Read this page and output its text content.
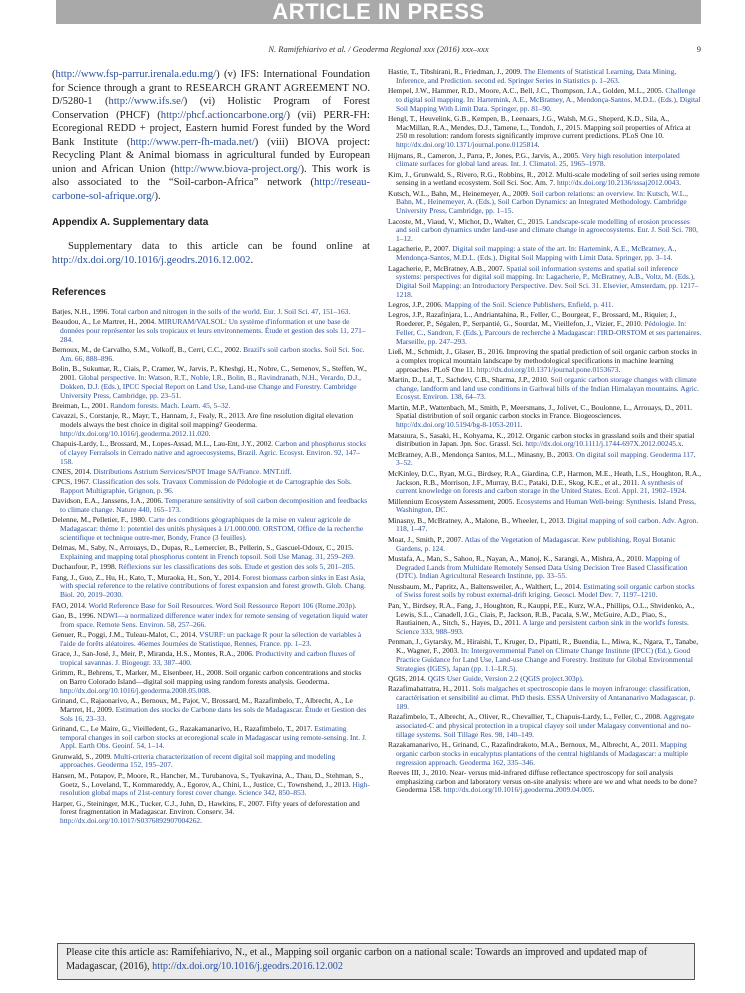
ARTICLE IN PRESS
N. Ramifehiarivo et al. / Geoderma Regional xxx (2016) xxx–xxx	9

(http://www.fsp-parrur.irenala.edu.mg/) (v) IFS: International Foundation for Science through a grant to RESEARCH GRANT AGREEMENT NO. D/5280-1 (http://www.ifs.se/) (vi) Holistic Program of Forest Conservation (PHCF) (http://phcf.actioncarbone.org/) (vii) PERR-FH: Ecoregional REDD + project, Eastern humid Forest funded by the Word Bank Institute (http://www.perr-fh-mada.net/) (viii) BIOVA project: Recycling Plant & Animal biomass in agricultural funded by European union and African Union (http://www.biova-project.org/). This work is also associated to the “Soil-carbon-Africa” network (http://reseau-carbone-sol-afrique.org/).

Appendix A. Supplementary data

Supplementary data to this article can be found online at http://dx.doi.org/10.1016/j.geodrs.2016.12.002.

References

Batjes, N.H., 1996. Total carbon and nitrogen in the soils of the world. Eur. J. Soil Sci. 47, 151–163.

Beaudou, A., Le Martret, H., 2004. MIRURAM/VALSOL: Un système d'information et une base de données pour représenter les sols tropicaux et leurs environnements. Étude et gestion des sols 11, 271–284.

Bernoux, M., de Carvalho, S.M., Volkoff, B., Cerri, C.C., 2002. Brazil's soil carbon stocks. Soil Sci. Soc. Am. 66, 888–896.

Bolin, B., Sukumar, R., Ciais, P., Cramer, W., Jarvis, P., Kheshgi, H., Nobre, C., Semenov, S., Steffen, W., 2001. Global perspective. In: Watson, R.T., Noble, I.R., Bolin, B., Ravindranath, N.H., Verardo, D.J., Dokken, D.J. (Eds.), IPCC Special Report on Land Use, Land-use Change and Forestry. Cambridge University Press, Cambridge, pp. 23–51.

Breiman, L., 2001. Random forests. Mach. Learn. 45, 5–32.

Cavazzi, S., Corstanje, R., Mayr, T., Hannam, J., Fealy, R., 2013. Are fine resolution digital elevation models always the best choice in digital soil mapping? Geoderma. http://dx.doi.org/10.1016/j.geoderma.2012.11.020.

Chapuis-Lardy, L., Brossard, M., Lopes-Assad, M.L., Lau-Ent, J.Y., 2002. Carbon and phosphorus stocks of clayey Ferralsols in Cerrado native and agroecosystems, Brazil. Agric. Ecosyst. Environ. 92, 147–158.

CNES, 2014. Distributions Astrium Services/SPOT Image SA/France. MNT.tiff.

CPCS, 1967. Classification des sols. Travaux Commission de Pédologie et de Cartographie des Sols. Rapport Multigraphie, Grignon, p. 96.

Davidson, E.A., Janssens, I.A., 2006. Temperature sensitivity of soil carbon decomposition and feedbacks to climate change. Nature 440, 165–173.

Delenne, M., Pelletier, F., 1980. Carte des conditions géographiques de la mise en valeur agricole de Madagascar: thème 1: potentiel des unités physiques à 1/1.000.000. ORSTOM, Office de la recherche scientifique et technique outre-mer, Bondy, France (3 feuilles).

Delmas, M., Saby, N., Arrouays, D., Dupas, R., Lemercier, B., Pellerin, S., Gascuel-Odoux, C., 2015. Explaining and mapping total phosphorus content in French topsoil. Soil Use Manag. 31, 259–269.

Duchaufour, P., 1998. Réflexions sur les classifications des sols. Etude et gestion des sols 5, 201–205.

Fang, J., Guo, Z., Hu, H., Kato, T., Muraoka, H., Son, Y., 2014. Forest biomass carbon sinks in East Asia, with special reference to the relative contributions of forest expansion and forest growth. Glob. Chang. Biol. 20, 2019–2030.

FAO, 2014. World Reference Base for Soil Resources. Word Soil Ressource Report 106 (Rome.203p).

Gao, B., 1996. NDWI—a normalized difference water index for remote sensing of vegetation liquid water from space. Remote Sens. Environ. 58, 257–266.

Genuer, R., Poggi, J.M., Tuleau-Malot, C., 2014. VSURF: un package R pour la sélection de variables à l'aide de forêts aléatoires. 46emes Journées de Statistique, Rennes, France. pp. 1–23.

Grace, J., San-José, J., Meir, P., Miranda, H.S., Montes, R.A., 2006. Productivity and carbon fluxes of tropical savannas. J. Biogeogr. 33, 387–400.

Grimm, R., Behrens, T., Marker, M., Elsenbeer, H., 2008. Soil organic carbon concentrations and stocks on Barro Colorado Island—digital soil mapping using random forests analysis. Geoderma. http://dx.doi.org/10.1016/j.geoderma.2008.05.008.

Grinand, C., Rajaonarivo, A., Bernoux, M., Pajot, V., Brossard, M., Razafimbelo, T., Albrecht, A., Le Martret, H., 2009. Estimation des stocks de Carbone dans les sols de Madagascar. Étude et Gestion des Sols 16, 23–33.

Grinand, C., Le Maire, G., Vieilledent, G., Razakamanarivo, H., Razafimbelo, T., 2017. Estimating temporal changes in soil carbon stocks at ecoregional scale in Madagascar using remote-sensing. Int. J. Appl. Earth Obs. Geoinf. 54, 1–14.

Grunwald, S., 2009. Multi-criteria characterization of recent digital soil mapping and modeling approaches. Geoderma 152, 195–207.

Hansen, M., Potapov, P., Moore, R., Hancher, M., Turubanova, S., Tyukavina, A., Thau, D., Stehman, S., Goetz, S., Loveland, T., Kommareddy, A., Egorov, A., Chini, L., Justice, C., Townshend, J., 2013. High-resolution global maps of 21st-century forest cover change. Science 342, 850–853.

Harper, G., Steininger, M.K., Tucker, C.J., Juhn, D., Hawkins, F., 2007. Fifty years of deforestation and forest fragmentation in Madagascar. Environ. Conserv. 34. http://dx.doi.org/10.1017/S0376892907004262.

Hastie, T., Tibshirani, R., Friedman, J., 2009. The Elements of Statistical Learning, Data Mining, Inference, and Prediction. second ed. Springer Series in Statistics p. 1–263.

Hempel, J.W., Hammer, R.D., Moore, A.C., Bell, J.C., Thompson, J.A., Golden, M.L., 2005. Challenge to digital soil mapping. In: Hartemink, A.E., McBratney, A., Mendonça-Santos, M.D.L. (Eds.), Digital Soil Mapping With Limit Data. Springer, pp. 81–90.

Hengl, T., Heuvelink, G.B., Kempen, B., Leenaars, J.G., Walsh, M.G., Sheperd, K.D., Sila, A., MacMillan, R.A., Mendes, D.J., Tamene, L., Tondoh, J., 2015. Mapping soil properties of Africa at 250 m resolution: random forests significantly improve current predictions. PLoS One 10. http://dx.doi.org/10.1371/journal.pone.0125814.

Hijmans, R., Cameron, J., Parra, P., Jones, P.G., Jarvis, A., 2005. Very high resolution interpolated climate surfaces for global land areas. Int. J. Climatol. 25, 1965–1978.

Kim, J., Grunwald, S., Rivero, R.G., Robbins, R., 2012. Multi-scale modeling of soil series using remote sensing in a wetland ecosystem. Soil Sci. Soc. Am. 7. http://dx.doi.org/10.2136/sssaj2012.0043.

Kutsch, W.L., Bahn, M., Heinemeyer, A., 2009. Soil carbon relations: an overview. In: Kutsch, W.L., Bahn, M., Heinemeyer, A. (Eds.), Soil Carbon Dynamics: an Integrated Methodology. Cambridge University Press, Cambridge, pp. 1–15.

Lacoste, M., Viaud, V., Michot, D., Walter, C., 2015. Landscape-scale modelling of erosion processes and soil carbon dynamics under land-use and climate change in agroecosystems. Eur. J. Soil Sci. 780, 1–12.

Lagacherie, P., 2007. Digital soil mapping: a state of the art. In: Hartemink, A.E., McBratney, A., Mendonça-Santos, M.D.L. (Eds.), Digital Soil Mapping with Limit Data. Springer, pp. 3–14.

Lagacherie, P., McBratney, A.B., 2007. Spatial soil information systems and spatial soil inference systems: perspectives for digital soil mapping. In: Lagacherie, P., McBratney, A.B., Voltz, M. (Eds.), Digital Soil Mapping: an Introductory Perspective. Dev. Soil Sci. 31. Elsevier, Amsterdam, pp. 1217–1218.

Legros, J.P., 2006. Mapping of the Soil. Science Publishers, Enfield, p. 411.

Legros, J.P., Razafinjara, L., Andriantahina, R., Feller, C., Bourgeat, F., Brossard, M., Riquier, J., Roederer, P., Ségalen, P., Serpantié, G., Sourdat, M., Vieillefon, J., Vizier, F., 2010. Pédologie. In: Feller, C., Sandron, F. (Eds.), Parcours de recherche à Madagascar: l'IRD-ORSTOM et ses partenaires. Marseille, pp. 247–293.

Ließ, M., Schmidt, J., Glaser, B., 2016. Improving the spatial prediction of soil organic carbon stocks in a complex tropical mountain landscape by methodological specifications in machine learning approaches. PLoS One 11. http://dx.doi.org/10.1371/journal.pone.0153673.

Martin, D., Lal, T., Sachdev, C.B., Sharma, J.P., 2010. Soil organic carbon storage changes with climate change, landform and land use conditions in Garhwal hills of the Indian Himalayan mountains. Agric. Ecosyst. Environ. 138, 64–73.

Martin, M.P., Wattenbach, M., Smith, P., Meersmans, J., Jolivet, C., Boulonne, L., Arrouays, D., 2011. Spatial distribution of soil organic carbon stocks in France. Biogeosciences. http://dx.doi.org/10.5194/bg-8-1053-2011.

Matsuura, S., Sasaki, H., Kohyama, K., 2012. Organic carbon stocks in grassland soils and their spatial distribution in Japan. Jpn. Soc. Grassl. Sci. http://dx.doi.org/10.1111/j.1744-697X.2012.00245.x.

McBratney, A.B., Mendonça Santos, M.L., Minasny, B., 2003. On digital soil mapping. Geoderma 117, 3–52.

McKinley, D.C., Ryan, M.G., Birdsey, R.A., Giardina, C.P., Harmon, M.E., Heath, L.S., Houghton, R.A., Jackson, R.B., Morrison, J.F., Murray, B.C., Pataki, D.E., Skog, K.E., et al., 2011. A synthesis of current knowledge on forests and carbon storage in the United States. Ecol. Appl. 21, 1902–1924.

Millennium Ecosystem Assessment, 2005. Ecosystems and Human Well-being: Synthesis. Island Press, Washington, DC.

Minasny, B., McBratney, A., Malone, B., Wheeler, I., 2013. Digital mapping of soil carbon. Adv. Agron. 118, 1–47.

Moat, J., Smith, P., 2007. Atlas of the Vegetation of Madagascar. Kew publishing, Royal Botanic Gardens, p. 124.

Mustafa, A., Man, S., Sahoo, R., Nayan, A., Manoj, K., Sarangi, A., Mishra, A., 2010. Mapping of Degraded Lands from Multidate Remotely Sensed Data Using Decision Tree Based Classification (DTC). Indian Agricultural Research Institute, pp. 33–55.

Nussbaum, M., Papritz, A., Baltensweiler, A., Walthert, L., 2014. Estimating soil organic carbon stocks of Swiss forest soils by robust external-drift kriging. Geosci. Model Dev. 7, 1197–1210.

Pan, Y., Birdsey, R.A., Fang, J., Houghton, R., Kauppi, P.E., Kurz, W.A., Phillips, O.L., Shvidenko, A., Lewis, S.L., Canadell, J.G., Ciais, P., Jackson, R.B., Pacala, S.W., McGuire, A.D., Piao, S., Rautiainen, A., Sitch, S., Hayes, D., 2011. A large and persistent carbon sink in the world's forests. Science 333, 988–993.

Penman, J., Gytarsky, M., Hiraishi, T., Kruger, D., Pipatti, R., Buendia, L., Miwa, K., Ngara, T., Tanabe, K., Wagner, F., 2003. In: Intergovernmental Panel on Climate Change Institute (IPCC) (Ed.), Good Practice Guidance for Land Use, Land-use Change and Forestry. Institute for Global Environmental Strategies (IGES), Japan (pp. 1.1–LR.5).

QGIS, 2014. QGIS User Guide, Version 2.2 (QGIS project.303p).

Razafimahatratra, H., 2011. Sols malgaches et spectroscopie dans le moyen infrarouge: classification, caractérisation et sensibilité au climat. PhD thesis. ESSA University of Antananarivo Madagascar, p. 189.

Razafimbelo, T., Albrecht, A., Oliver, R., Chevallier, T., Chapuis-Lardy, L., Feller, C., 2008. Aggregate associated-C and physical protection in a tropical clayey soil under Malagasy conventional and no-tillage systems. Soil Tillage Res. 98, 140–149.

Razakamanarivo, H., Grinand, C., Razafindrakoto, M.A., Bernoux, M., Albrecht, A., 2011. Mapping organic carbon stocks in eucalyptus plantations of the central highlands of Madagascar: a multiple regression approach. Geoderma 162, 335–346.

Reeves III, J., 2010. Near- versus mid-infrared diffuse reflectance spectroscopy for soil analysis emphasizing carbon and laboratory versus on-site analysis: where are we and what needs to be done? Geoderma 158. http://dx.doi.org/10.1016/j.geoderma.2009.04.005.

Please cite this article as: Ramifehiarivo, N., et al., Mapping soil organic carbon on a national scale: Towards an improved and updated map of Madagascar, (2016), http://dx.doi.org/10.1016/j.geodrs.2016.12.002
